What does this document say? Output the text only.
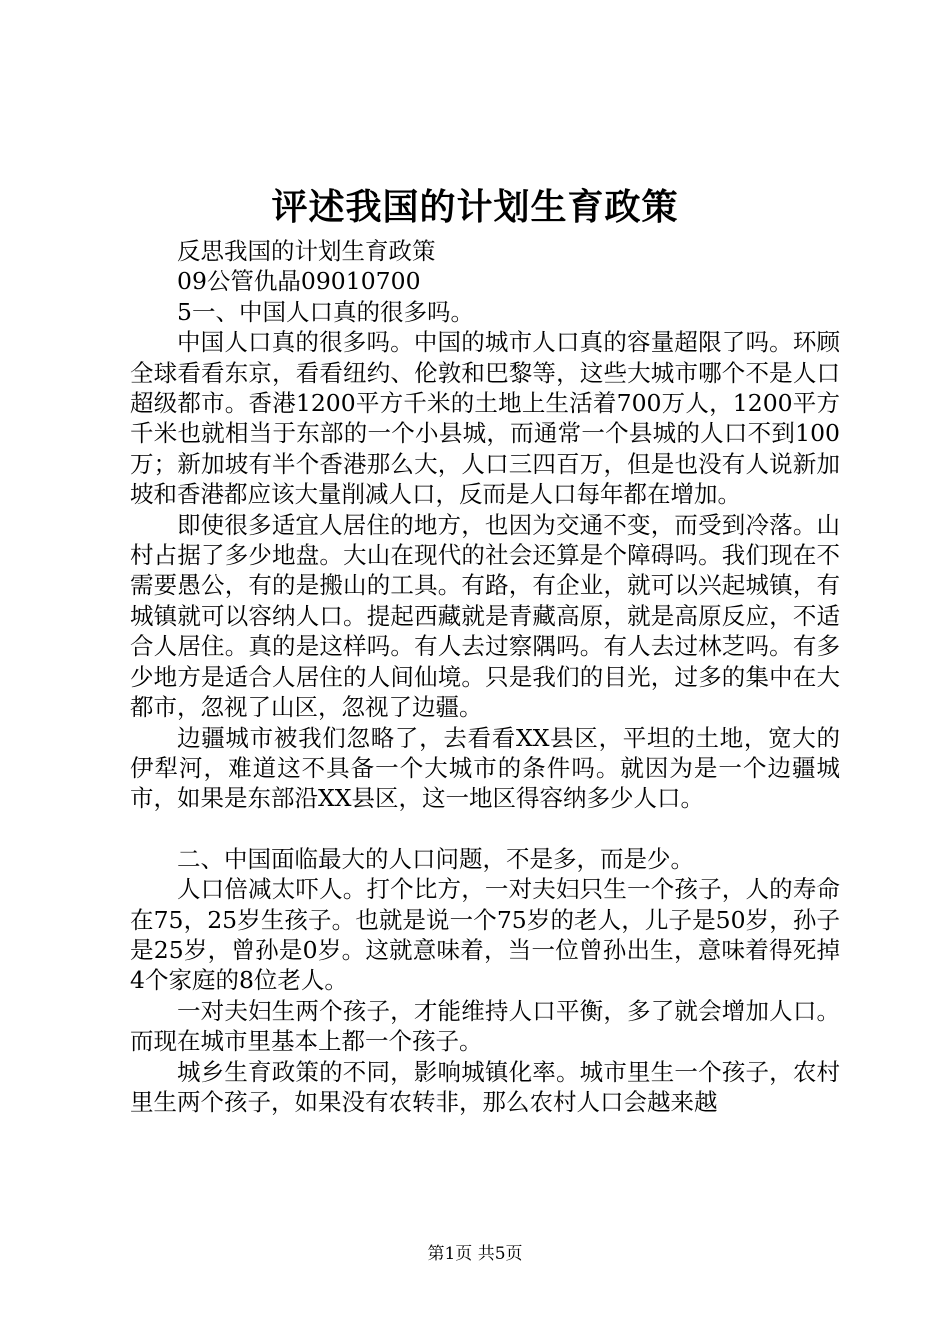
评述我国的计划生育政策

反思我国的计划生育政策

09公管仇晶09010700

5一、中国人口真的很多吗。

中国人口真的很多吗。中国的城市人口真的容量超限了吗。环顾全球看看东京，看看纽约、伦敦和巴黎等，这些大城市哪个不是人口超级都市。香港1200平方千米的土地上生活着700万人，1200平方千米也就相当于东部的一个小县城，而通常一个县城的人口不到100万；新加坡有半个香港那么大，人口三四百万，但是也没有人说新加坡和香港都应该大量削减人口，反而是人口每年都在增加。

即使很多适宜人居住的地方，也因为交通不变，而受到冷落。山村占据了多少地盘。大山在现代的社会还算是个障碍吗。我们现在不需要愚公，有的是搬山的工具。有路，有企业，就可以兴起城镇，有城镇就可以容纳人口。提起西藏就是青藏高原，就是高原反应，不适合人居住。真的是这样吗。有人去过察隅吗。有人去过林芝吗。有多少地方是适合人居住的人间仙境。只是我们的目光，过多的集中在大都市，忽视了山区，忽视了边疆。

边疆城市被我们忽略了，去看看XX县区，平坦的土地，宽大的伊犁河，难道这不具备一个大城市的条件吗。就因为是一个边疆城市，如果是东部沿XX县区，这一地区得容纳多少人口。

二、中国面临最大的人口问题，不是多，而是少。

人口倍减太吓人。打个比方，一对夫妇只生一个孩子，人的寿命在75，25岁生孩子。也就是说一个75岁的老人，儿子是50岁，孙子是25岁，曾孙是0岁。这就意味着，当一位曾孙出生，意味着得死掉4个家庭的8位老人。

一对夫妇生两个孩子，才能维持人口平衡，多了就会增加人口。而现在城市里基本上都一个孩子。

城乡生育政策的不同，影响城镇化率。城市里生一个孩子，农村里生两个孩子，如果没有农转非，那么农村人口会越来越

第1页 共5页
